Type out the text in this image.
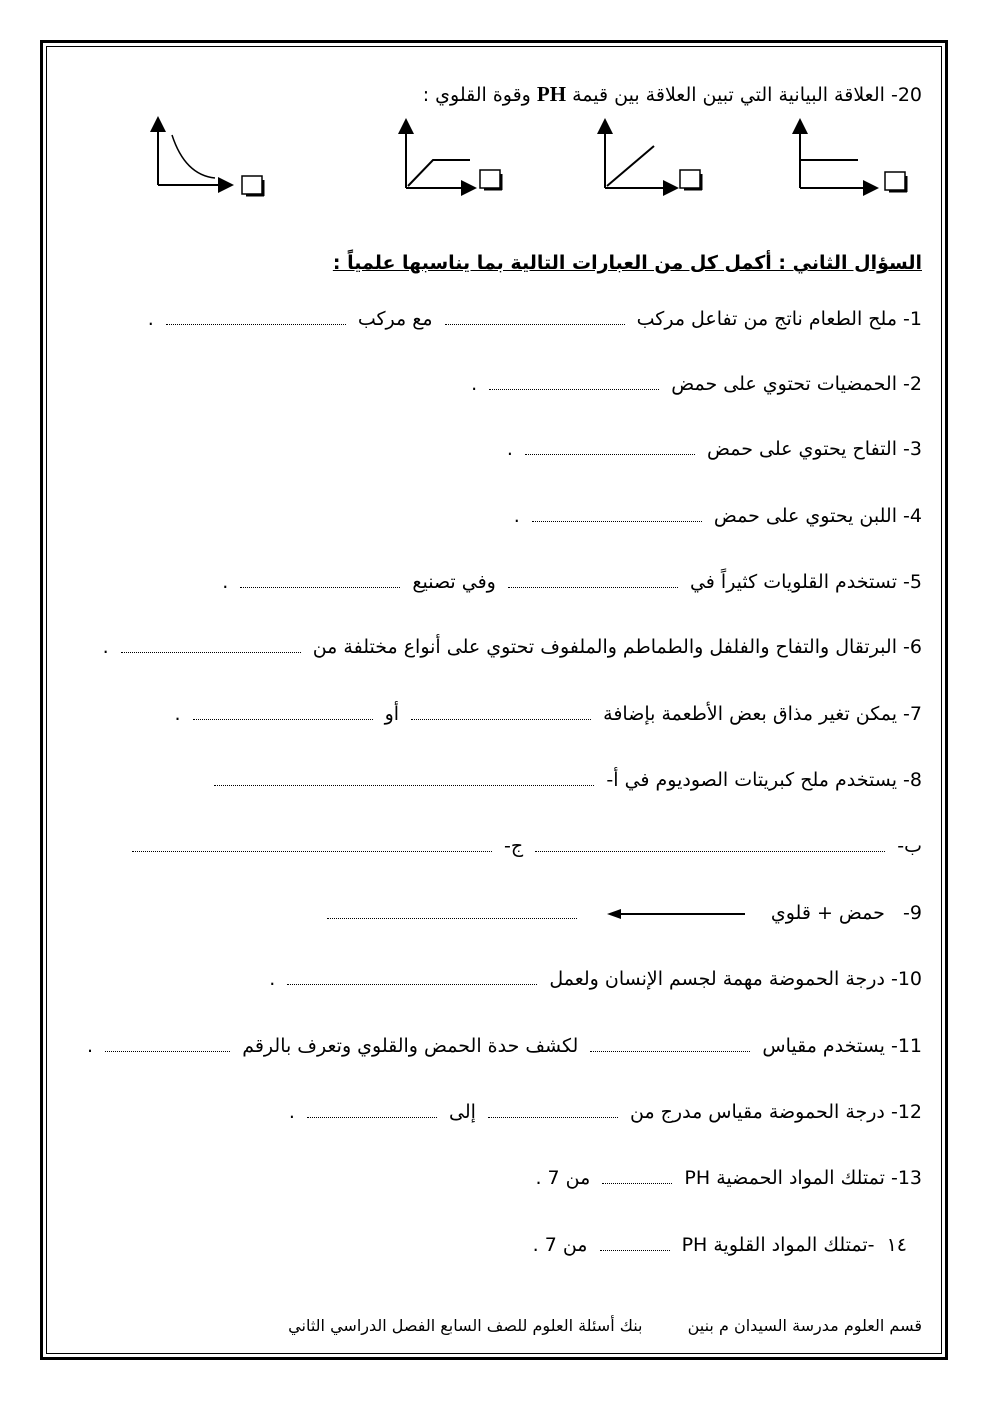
20- العلاقة البيانية التي تبين العلاقة بين قيمة PH وقوة القلوي :
السؤال الثاني : أكمل كل من العبارات التالية بما يناسبها علمياً :
1- ملح الطعام ناتج من تفاعل مركب  مع مركب  .
2- الحمضيات تحتوي على حمض  .
3- التفاح يحتوي على حمض  .
4- اللبن يحتوي على حمض  .
5- تستخدم القلويات كثيراً في  وفي تصنيع  .
6- البرتقال والتفاح والفلفل والطماطم والملفوف تحتوي على أنواع مختلفة من  .
7- يمكن تغير مذاق بعض الأطعمة بإضافة  أو  .
8- يستخدم ملح كبريتات الصوديوم في أ-
ب-  ج-
9-   حمض + قلوي
10- درجة الحموضة مهمة لجسم الإنسان ولعمل  .
11- يستخدم مقياس  لكشف حدة الحمض والقلوي وتعرف بالرقم  .
12- درجة الحموضة مقياس مدرج من  إلى  .
13- تمتلك المواد الحمضية PH  من 7 .
١٤  -تمتلك المواد القلوية PH  من 7 .
قسم العلوم مدرسة السيدان م بنين بنك أسئلة العلوم للصف السابع الفصل الدراسي الثاني
